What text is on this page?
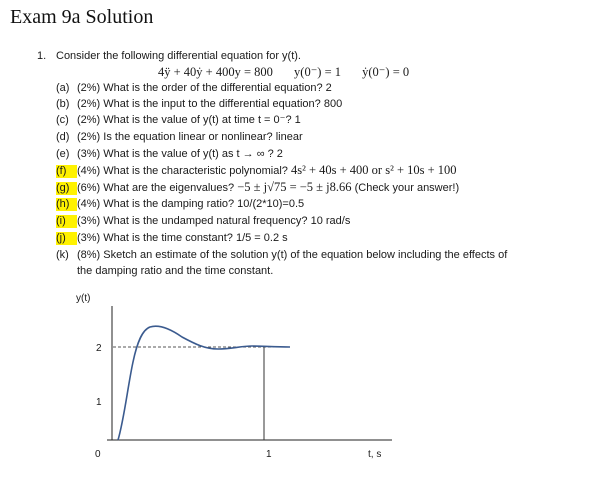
Exam 9a Solution
1. Consider the following differential equation for y(t).
4ÿ + 40ẏ + 400y = 800 y(0⁻) = 1 ẏ(0⁻) = 0
(a) (2%) What is the order of the differential equation? 2
(b) (2%) What is the input to the differential equation? 800
(c) (2%) What is the value of y(t) at time t = 0⁻? 1
(d) (2%) Is the equation linear or nonlinear? linear
(e) (3%) What is the value of y(t) as t → ∞ ? 2
(f) (4%) What is the characteristic polynomial? 4s² + 40s + 400 or s² + 10s + 100
(g) (6%) What are the eigenvalues? −5 ± j√75 = −5 ± j8.66 (Check your answer!)
(h) (4%) What is the damping ratio? 10/(2*10)=0.5
(i) (3%) What is the undamped natural frequency? 10 rad/s
(j) (3%) What is the time constant? 1/5 = 0.2 s
(k) (8%) Sketch an estimate of the solution y(t) of the equation below including the effects of
the damping ratio and the time constant.
y(t)
2
1
0	1	t, s
